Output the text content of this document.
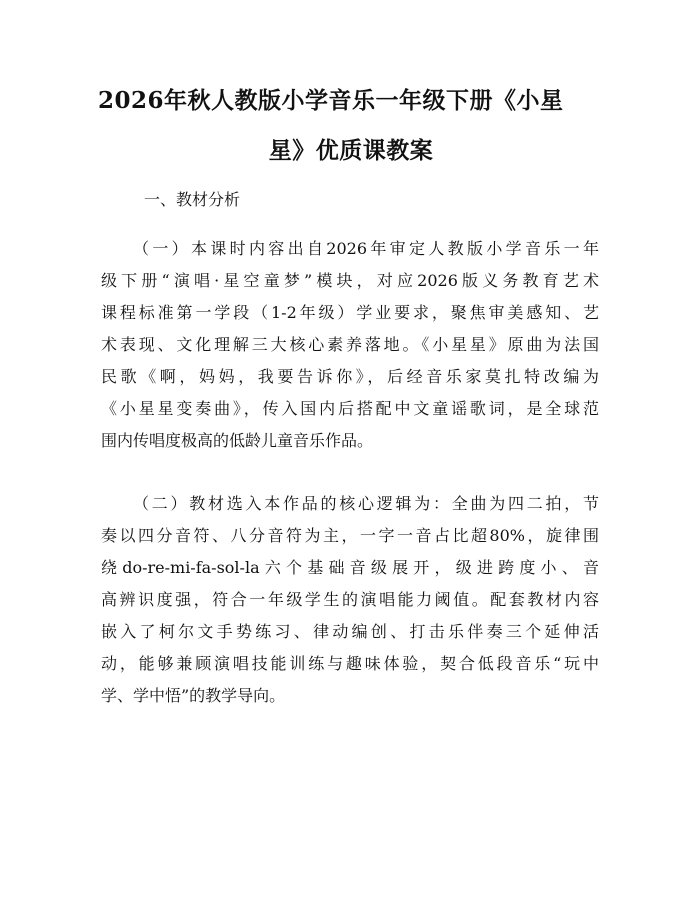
2026年秋人教版小学音乐一年级下册《小星
星》优质课教案
一、教材分析
（一）本课时内容出自2026年审定人教版小学音乐一年
级下册“演唱·星空童梦”模块，对应2026版义务教育艺术
课程标准第一学段（1-2年级）学业要求，聚焦审美感知、艺
术表现、文化理解三大核心素养落地。《小星星》原曲为法国
民歌《啊，妈妈，我要告诉你》，后经音乐家莫扎特改编为
《小星星变奏曲》，传入国内后搭配中文童谣歌词，是全球范
围内传唱度极高的低龄儿童音乐作品。
（二）教材选入本作品的核心逻辑为：全曲为四二拍，节
奏以四分音符、八分音符为主，一字一音占比超80%，旋律围
绕do-re-mi-fa-sol-la六个基础音级展开，级进跨度小、音
高辨识度强，符合一年级学生的演唱能力阈值。配套教材内容
嵌入了柯尔文手势练习、律动编创、打击乐伴奏三个延伸活
动，能够兼顾演唱技能训练与趣味体验，契合低段音乐“玩中
学、学中悟”的教学导向。
